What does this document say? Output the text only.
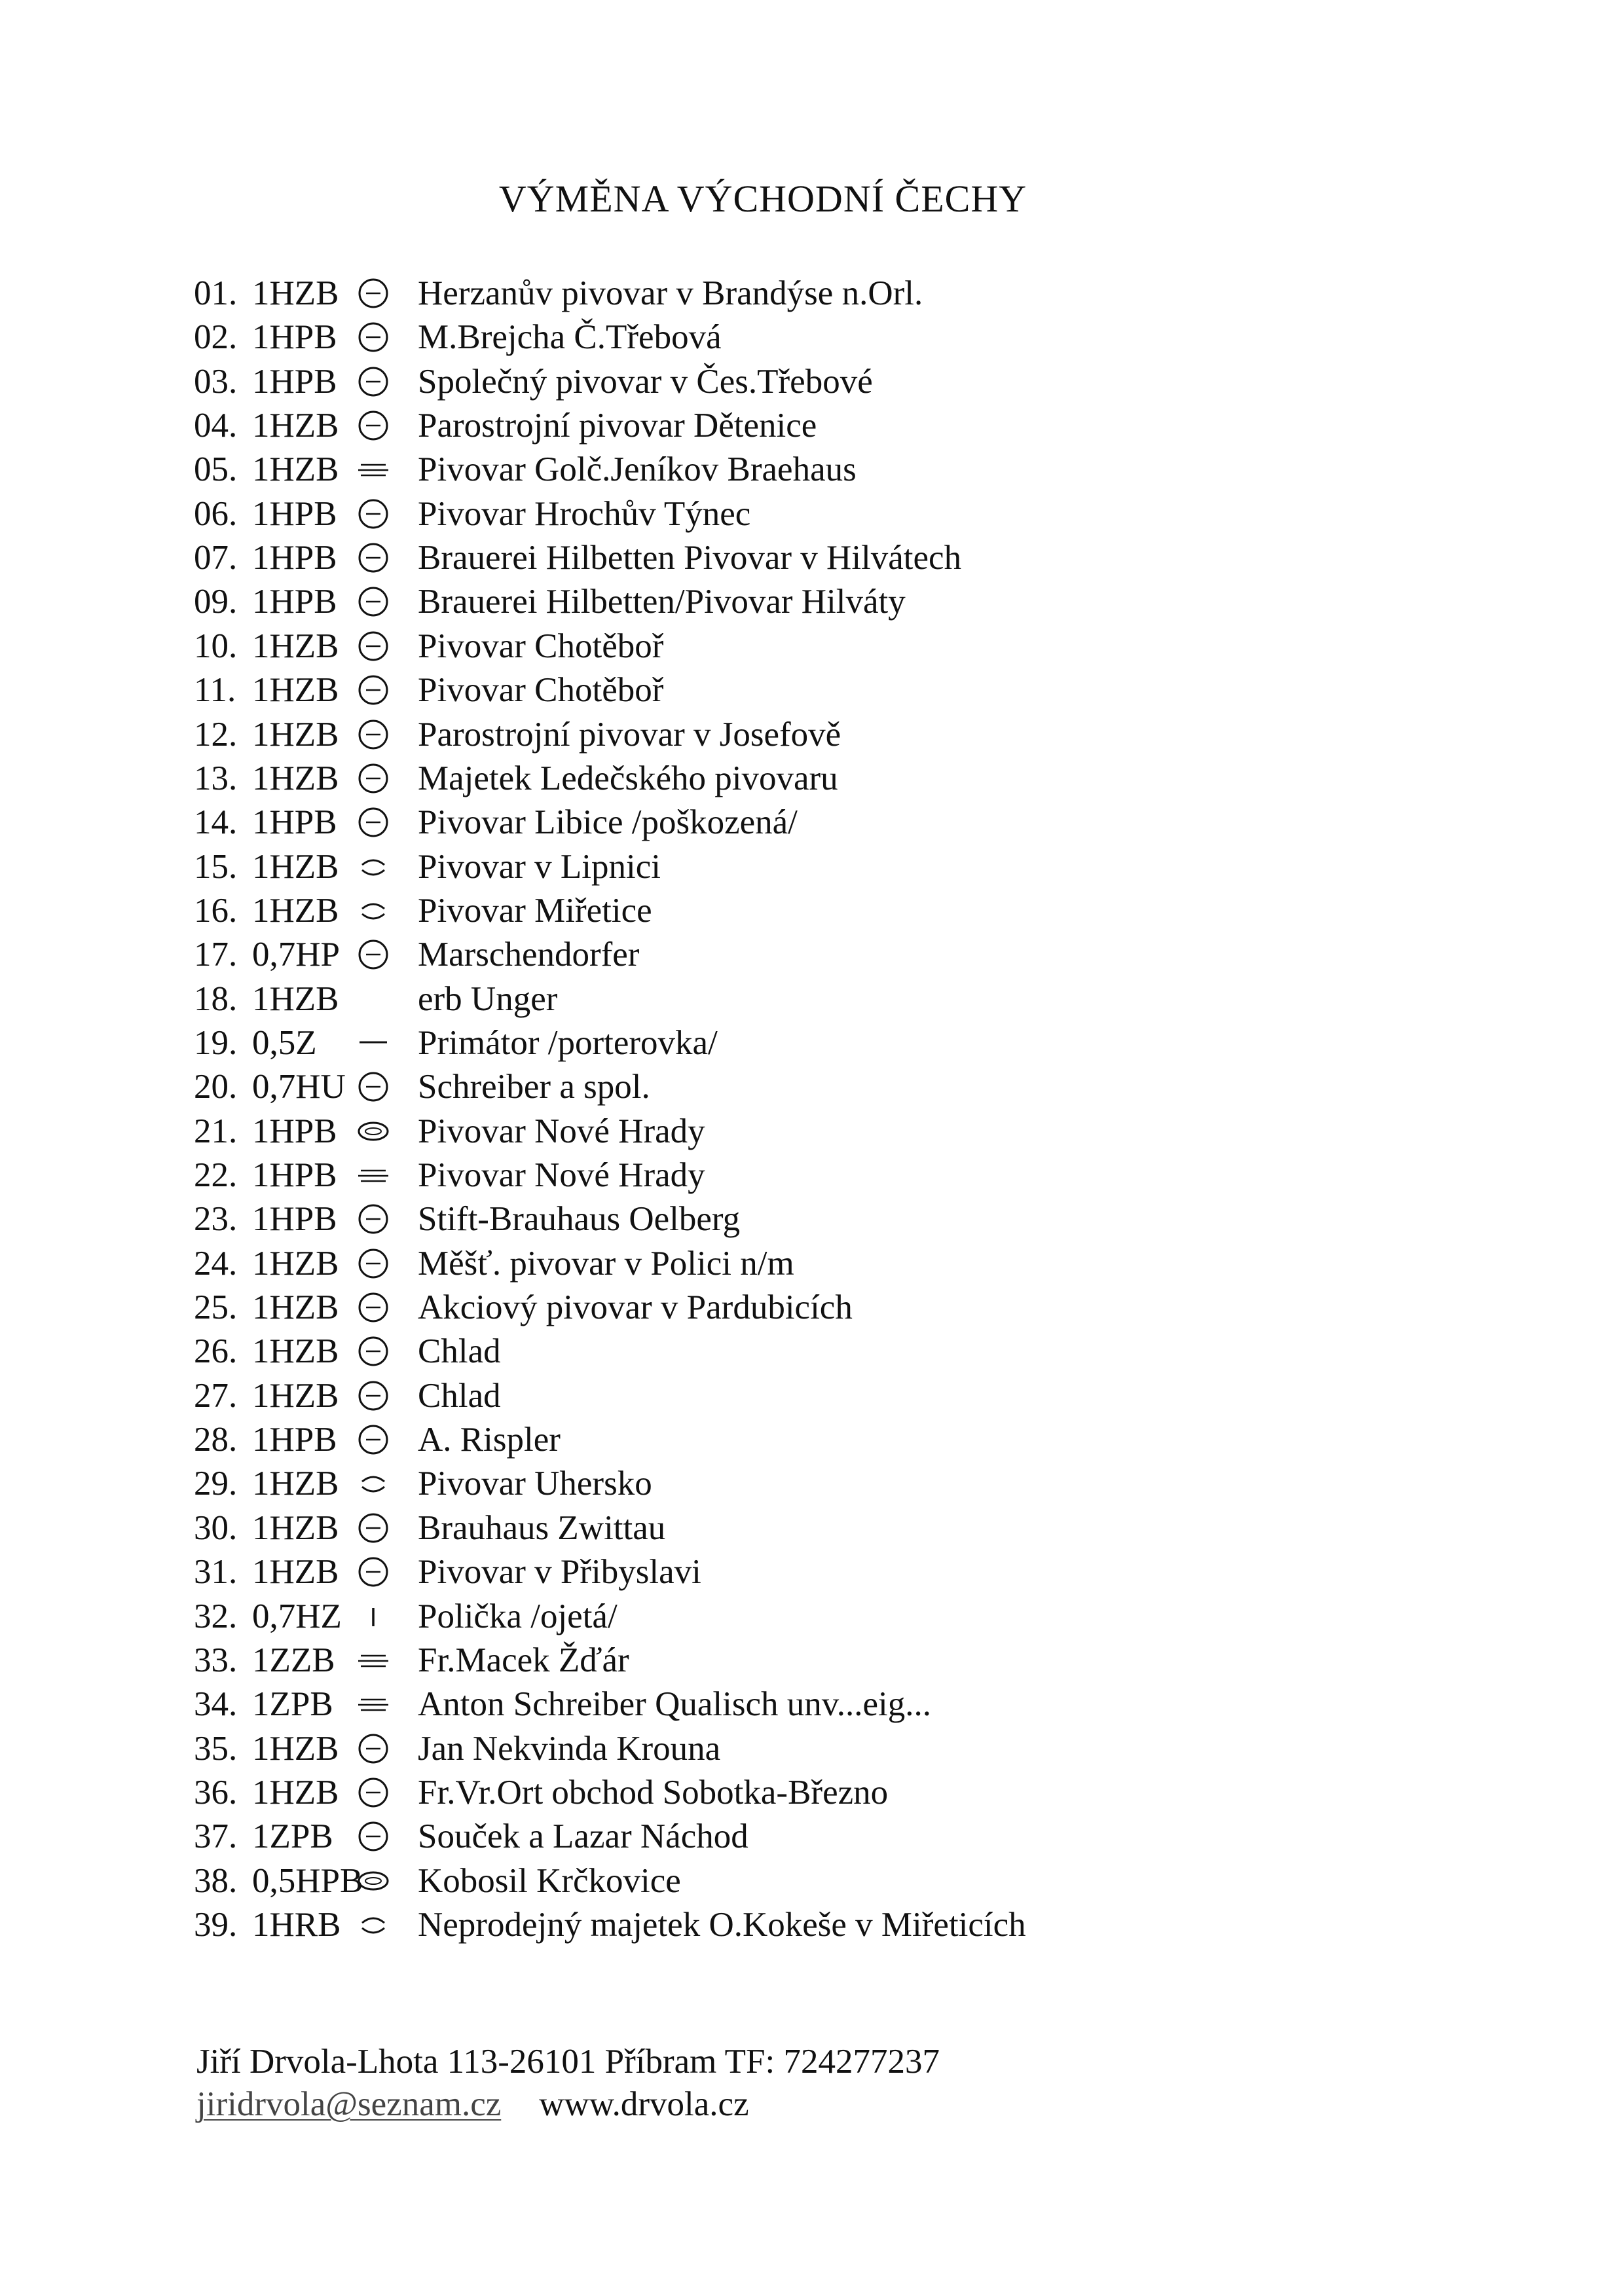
VÝMĚNA VÝCHODNÍ ČECHY
01. 1HZB Herzanův pivovar v Brandýse n.Orl.
02. 1HPB M.Brejcha Č.Třebová
03. 1HPB Společný pivovar v Čes.Třebové
04. 1HZB Parostrojní pivovar Dětenice
05. 1HZB Pivovar Golč.Jeníkov Braehaus
06. 1HPB Pivovar Hrochův Týnec
07. 1HPB Brauerei Hilbetten Pivovar v Hilvátech
09. 1HPB Brauerei Hilbetten/Pivovar Hilváty
10. 1HZB Pivovar Chotěboř
11. 1HZB Pivovar Chotěboř
12. 1HZB Parostrojní pivovar v Josefově
13. 1HZB Majetek Ledečského pivovaru
14. 1HPB Pivovar Libice /poškozená/
15. 1HZB Pivovar v Lipnici
16. 1HZB Pivovar Miřetice
17. 0,7HP Marschendorfer
18. 1HZB erb Unger
19. 0,5Z	Primátor /porterovka/
20. 0,7HU Schreiber a spol.
21. 1HPB Pivovar Nové Hrady
22. 1HPB Pivovar Nové Hrady
23. 1HPB Stift-Brauhaus Oelberg
24. 1HZB Měšť. pivovar v Polici n/m
25. 1HZB Akciový pivovar v Pardubicích
26. 1HZB Chlad
27. 1HZB Chlad
28. 1HPB A. Rispler
29. 1HZB Pivovar Uhersko
30. 1HZB Brauhaus Zwittau
31. 1HZB Pivovar v Přibyslavi
32. 0,7HZ Polička /ojetá/
33. 1ZZB Fr.Macek Žďár
34. 1ZPB Anton Schreiber Qualisch unv...eig...
35. 1HZB Jan Nekvinda Krouna
36. 1HZB Fr.Vr.Ort obchod Sobotka-Březno
37. 1ZPB Souček a Lazar Náchod
38. 0,5HPB Kobosil Krčkovice
39. 1HRB Neprodejný majetek O.Kokeše v Miřeticích
Jiří Drvola-Lhota 113-26101 Příbram TF: 724277237
jiridrvola@seznam.cz www.drvola.cz
